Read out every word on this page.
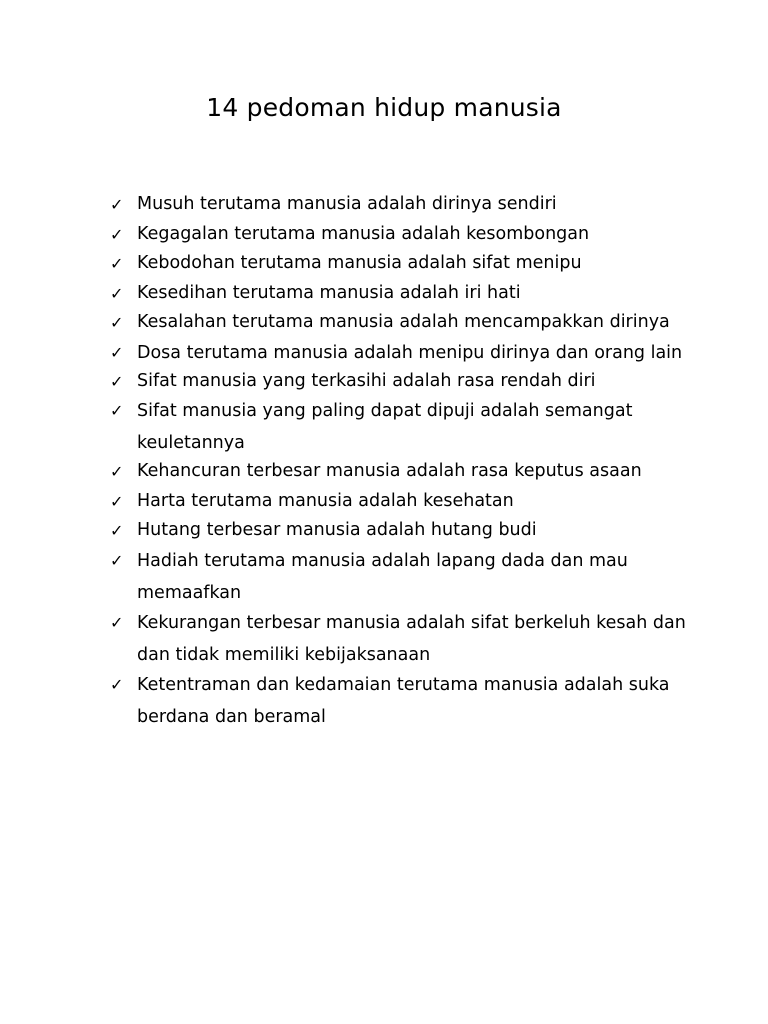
14 pedoman hidup manusia
✓ Musuh terutama manusia adalah dirinya sendiri
✓ Kegagalan terutama manusia adalah kesombongan
✓ Kebodohan terutama manusia adalah sifat menipu
✓ Kesedihan terutama manusia adalah iri hati
✓ Kesalahan terutama manusia adalah mencampakkan dirinya
✓ Dosa terutama manusia adalah menipu dirinya dan orang lain
✓ Sifat manusia yang terkasihi adalah rasa rendah diri
✓ Sifat manusia yang paling dapat dipuji adalah semangat keuletannya
✓ Kehancuran terbesar manusia adalah rasa keputus asaan
✓ Harta terutama manusia adalah kesehatan
✓ Hutang terbesar manusia adalah hutang budi
✓ Hadiah terutama manusia adalah lapang dada dan mau memaafkan
✓ Kekurangan terbesar manusia adalah sifat berkeluh kesah dan dan tidak memiliki kebijaksanaan
✓ Ketentraman dan kedamaian terutama manusia adalah suka berdana dan beramal
